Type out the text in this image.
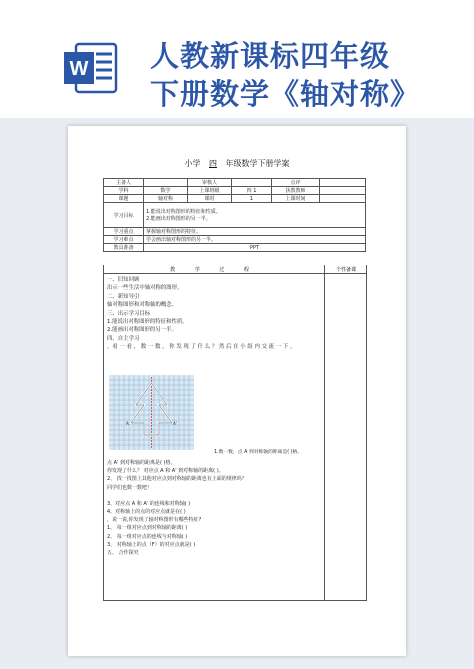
W 人教新课标四年级
下册数学《轴对称》
小学 四 年级数学下册学案
主备人		审核人		点评	
学科	数学	上课班级	四 1	执教教师	
课题	轴对称	课时	1	上课时间	
学习目标	1.能说出对称图形的特征和性质。
2.能画出对称图形的另一半。				

学习重点	掌握轴对称图形的特征。				
学习难点	学会画出轴对称图形的另一半。				
教具准备	PPT				
教 学 过 程	个性备课
一、旧知回顾
出示一些生活中轴对称的图形。
二、新知导引
轴对称图形和对称轴的概念。
三、出示学习目标
1.能说出对称图形的特征和性质。
2.能画出对称图形的另一半。
四、自主学习
。看 一 看 ， 数 一 数 ， 你 发 现 了 什 么 ？ 然 后 在 小 组 内 交 流 一 下 。
A	A'
1.数一数，点 A 到对称轴的距离是( )格。
点 A' 到对称轴的距离是( )格。
你发现了什么？ 对应点 A 和 A' 到对称轴的距离( )。
2、 找一找图上其他对应点到对称轴的距离也有上面的规律吗？
同学们也数一数吧！
3、对应点 A 和 A' 的连线和对称轴( )
4、对称轴上的点的对应点就是在( )
，说一说,你发现了轴对称图形有哪些特征?
1、 每一组对应点到对称轴的距离( )
2、 每一组对应点的连线与对称轴( )
3、 对称轴上的点（F）的对应点就是( )
五、 合作探究
